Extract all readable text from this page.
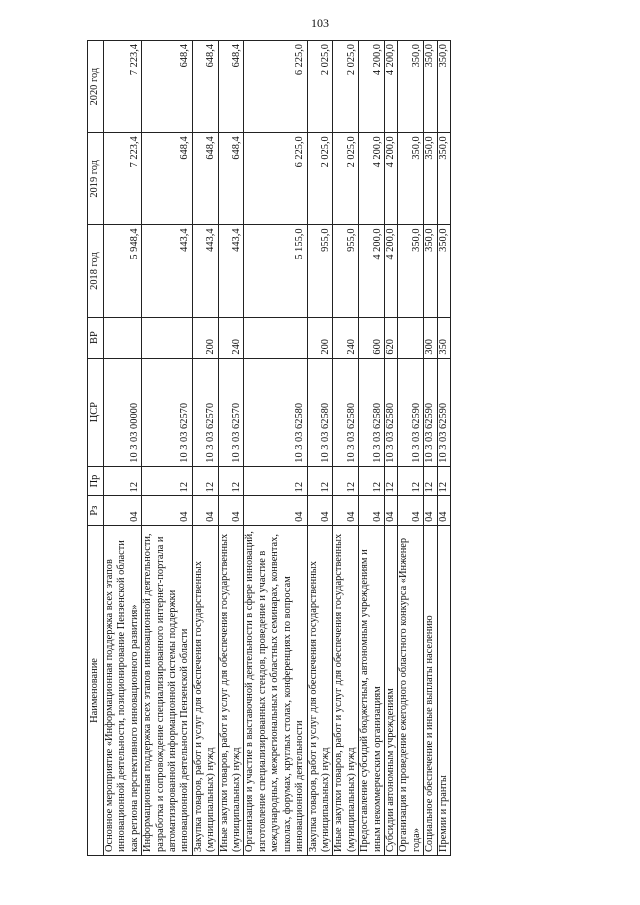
103
Наименование	Рз	Пр	ЦСР	ВР	2018 год	2019 год	2020 год
Основное мероприятие «Информационная поддержка всех этапов инновационной деятельности, позиционирование Пензенской области как региона перспективного инновационного развития»	04	12	10 3 03 00000		5 948,4	7 223,4	7 223,4
Информационная поддержка всех этапов инновационной деятельности, разработка и сопровождение специализированного интернет-портала и автоматизированной информационной системы поддержки инновационной деятельности Пензенской области	04	12	10 3 03 62570		443,4	648,4	648,4
Закупка товаров, работ и услуг для обеспечения государственных (муниципальных) нужд	04	12	10 3 03 62570	200	443,4	648,4	648,4
Иные закупки товаров, работ и услуг для обеспечения государственных (муниципальных) нужд	04	12	10 3 03 62570	240	443,4	648,4	648,4
Организация и участие в выставочной деятельности в сфере инноваций, изготовление специализированных стендов, проведение и участие в международных, межрегиональных и областных семинарах, конвентах, школах, форумах, круглых столах, конференциях по вопросам инновационной деятельности	04	12	10 3 03 62580		5 155,0	6 225,0	6 225,0
Закупка товаров, работ и услуг для обеспечения государственных (муниципальных) нужд	04	12	10 3 03 62580	200	955,0	2 025,0	2 025,0
Иные закупки товаров, работ и услуг для обеспечения государственных (муниципальных) нужд	04	12	10 3 03 62580	240	955,0	2 025,0	2 025,0
Предоставление субсидий бюджетным, автономным учреждениям и иным некоммерческим организациям	04	12	10 3 03 62580	600	4 200,0	4 200,0	4 200,0
Субсидии автономным учреждениям	04	12	10 3 03 62580	620	4 200,0	4 200,0	4 200,0
Организация и проведение ежегодного областного конкурса «Инженер года»	04	12	10 3 03 62590		350,0	350,0	350,0
Социальное обеспечение и иные выплаты населению	04	12	10 3 03 62590	300	350,0	350,0	350,0
Премии и гранты	04	12	10 3 03 62590	350	350,0	350,0	350,0
